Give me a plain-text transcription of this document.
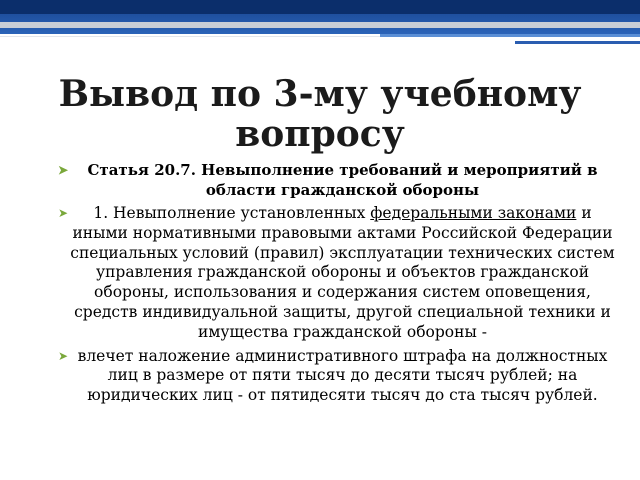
Вывод по 3-му учебному вопросу
➤ Статья 20.7. Невыполнение требований и мероприятий в области гражданской обороны
➤ 1. Невыполнение установленных федеральными законами и иными нормативными правовыми актами Российской Федерации специальных условий (правил) эксплуатации технических систем управления гражданской обороны и объектов гражданской обороны, использования и содержания систем оповещения, средств индивидуальной защиты, другой специальной техники и имущества гражданской обороны -
➤ влечет наложение административного штрафа на должностных лиц в размере от пяти тысяч до десяти тысяч рублей; на юридических лиц - от пятидесяти тысяч до ста тысяч рублей.
